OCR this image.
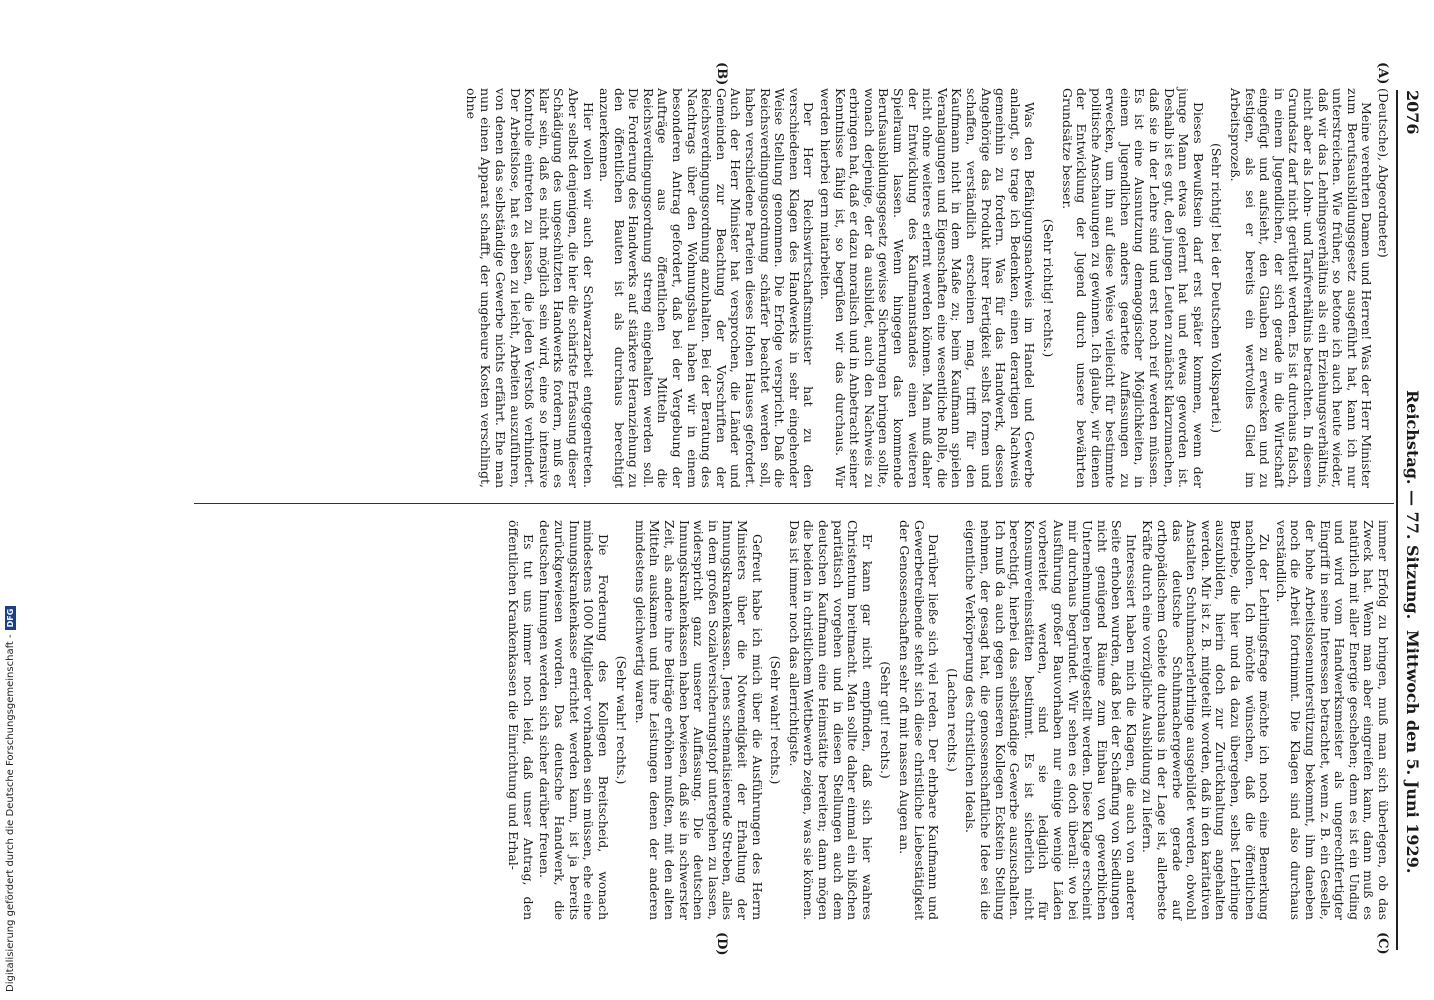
2076
Reichstag. — 77. Sitzung.
Mittwoch den 5. Juni 1929.
(A)
(B)
(C)
(D)

(Deutsche), Abgeordneter)

Meine verehrten Damen und Herren! Was der Herr Minister zum Berufsausbildungsgesetz ausgeführt hat, kann ich nur unterstreichen. Wie früher, so betone ich auch heute wieder, daß wir das Lehrlingsverhältnis als ein Erziehungsverhältnis, nicht aber als Lohn- und Tarifverhältnis betrachten. In diesem Grundsatz darf nicht gerüttelt werden. Es ist durchaus falsch, in einem Jugendlichen, der sich gerade in die Wirtschaft eingefügt und aufsieht, den Glauben zu erwecken und zu festigen, als sei er bereits ein wertvolles Glied im Arbeitsprozeß.

(Sehr richtig! bei der Deutschen Volkspartei.)

Dieses Bewußtsein darf erst später kommen, wenn der junge Mann etwas gelernt hat und etwas geworden ist. Deshalb ist es gut, den jungen Leuten zunächst klarzumachen, daß sie in der Lehre sind und erst noch reif werden müssen. Es ist eine Ausnutzung demagogischer Möglichkeiten, in einem Jugendlichen anders geartete Auffassungen zu erwecken, um ihn auf diese Weise vielleicht für bestimmte politische Anschauungen zu gewinnen. Ich glaube, wir dienen der Entwicklung der Jugend durch unsere bewährten Grundsätze besser.

(Sehr richtig! rechts.)

Was den Befähigungsnachweis im Handel und Gewerbe anlangt, so trage ich Bedenken, einen derartigen Nachweis gemeinhin zu fordern. Was für das Handwerk, dessen Angehörige das Produkt ihrer Fertigkeit selbst formen und schaffen, verständlich erscheinen mag, trifft für den Kaufmann nicht in dem Maße zu; beim Kaufmann spielen Veranlagungen und Eigenschaften eine wesentliche Rolle, die nicht ohne weiteres erlernt werden können. Man muß daher der Entwicklung des Kaufmannstandes einen weiteren Spielraum lassen. Wenn hingegen das kommende Berufsausbildungsgesetz gewisse Sicherungen bringen sollte, wonach derjenige, der da ausbildet, auch den Nachweis zu erbringen hat, daß er dazu moralisch und in Anbetracht seiner Kenntnisse fähig ist, so begrüßen wir das durchaus. Wir werden hierbei gern mitarbeiten.

Der Herr Reichswirtschaftsminister hat zu den verschiedenen Klagen des Handwerks in sehr eingehender Weise Stellung genommen. Die Erfolge verspricht. Daß die Reichsverdingungsordnung schärfer beachtet werden soll, haben verschiedene Parteien dieses Hohen Hauses gefordert. Auch der Herr Minister hat versprochen, die Länder und Gemeinden zur Beachtung der Vorschriften der Reichsverdingungsordnung anzuhalten. Bei der Beratung des Nachtrags über den Wohnungsbau haben wir in einem besonderen Antrag gefordert, daß bei der Vergebung der Aufträge aus öffentlichen Mitteln die Reichsverdingungsordnung streng eingehalten werden soll. Die Forderung des Handwerks auf stärkere Heranziehung zu den öffentlichen Bauten ist als durchaus berechtigt anzuerkennen.

Hier wollen wir auch der Schwarzarbeit entgegentreten. Aber selbst denjenigen, die hier die schärfste Erfassung dieser Schädigung des ungeschützten Handwerks fordern, muß es klar sein, daß es nicht möglich sein wird, eine so intensive Kontrolle eintreten zu lassen, die jeden Verstoß verhindert. Der Arbeitslose, hat es eben zu leicht, Arbeiten auszuführen, von denen das selbständige Gewerbe nichts erfährt. Ehe man nun einen Apparat schafft, der ungeheure Kosten verschlingt, ohne

immer Erfolg zu bringen, muß man sich überlegen, ob das Zweck hat. Wenn man aber eingreifen kann, dann muß es natürlich mit aller Energie geschehen; denn es ist ein Unding und wird vom Handwerksmeister als ungerechtfertigter Eingriff in seine Interessen betrachtet, wenn z. B. ein Geselle, der hohe Arbeitslosenunterstützung bekommt, ihm daneben noch die Arbeit fortnimmt. Die Klagen sind also durchaus verständlich.

Zu der Lehrlingsfrage möchte ich noch eine Bemerkung nachholen. Ich möchte wünschen, daß die öffentlichen Betriebe, die hier und da dazu übergehen, selbst Lehrlinge auszubilden, hierin doch zur Zurückhaltung angehalten werden. Mir ist z. B. mitgeteilt worden, daß in den karitativen Anstalten Schuhmacherlehrlinge ausgebildet werden, obwohl das deutsche Schuhmachergewerbe gerade auf orthopädischem Gebiete durchaus in der Lage ist, allerbeste Kräfte durch eine vorzügliche Ausbildung zu liefern.

Interessiert haben mich die Klagen, die auch von anderer Seite erhoben wurden, daß bei der Schaffung von Siedlungen nicht genügend Räume zum Einbau von gewerblichen Unternehmungen bereitgestellt werden. Diese Klage erscheint mir durchaus begründet. Wir sehen es doch überall: wo bei Ausführung großer Bauvorhaben nur einige wenige Läden vorbereitet werden, sind sie lediglich für Konsumvereinsstätten bestimmt. Es ist sicherlich nicht berechtigt, hierbei das selbständige Gewerbe auszuschalten. Ich muß da auch gegen unseren Kollegen Eckstein Stellung nehmen, der gesagt hat, die genossenschaftliche Idee sei die eigentliche Verkörperung des christlichen Ideals.

(Lachen rechts.)

Darüber ließe sich viel reden. Der ehrbare Kaufmann und Gewerbetreibende steht sich diese christliche Liebestätigkeit der Genossenschaften sehr oft mit nassen Augen an.

(Sehr gut! rechts.)

Er kann gar nicht empfinden, daß sich hier wahres Christentum breitmacht. Man sollte daher einmal ein bißchen paritätisch vorgehen und in diesen Stellungen auch dem deutschen Kaufmann eine Heimstätte bereiten; dann mögen die beiden in christlichem Wettbewerb zeigen, was sie können. Das ist immer noch das allerrichtigste.

(Sehr wahr! rechts.)

Gefreut habe ich mich über die Ausführungen des Herrn Ministers über die Notwendigkeit der Erhaltung der Innungskrankenkassen. Jenes schematisierende Streben, alles in dem großen Sozialversicherungstopf untergehen zu lassen, widerspricht ganz unserer Auffassung. Die deutschen Innungskrankenkassen haben bewiesen, daß sie in schwerster Zeit, als andere ihre Beiträge erhöhen mußten, mit den alten Mitteln auskamen und ihre Leistungen denen der anderen mindestens gleichwertig waren.

(Sehr wahr! rechts.)

Die Forderung des Kollegen Breitscheid, wonach mindestens 1000 Mitglieder vorhanden sein müssen, ehe eine Innungskrankenkasse errichtet werden kann, ist ja bereits zurückgewiesen worden. Das deutsche Handwerk, die deutschen Innungen werden sich sicher darüber freuen.

Es tut uns immer noch leid, daß unser Antrag, den öffentlichen Krankenkassen die Einrichtung und Erhal-

Digitalisierung gefördert durch die Deutsche Forschungsgemeinschaft -
DFG
